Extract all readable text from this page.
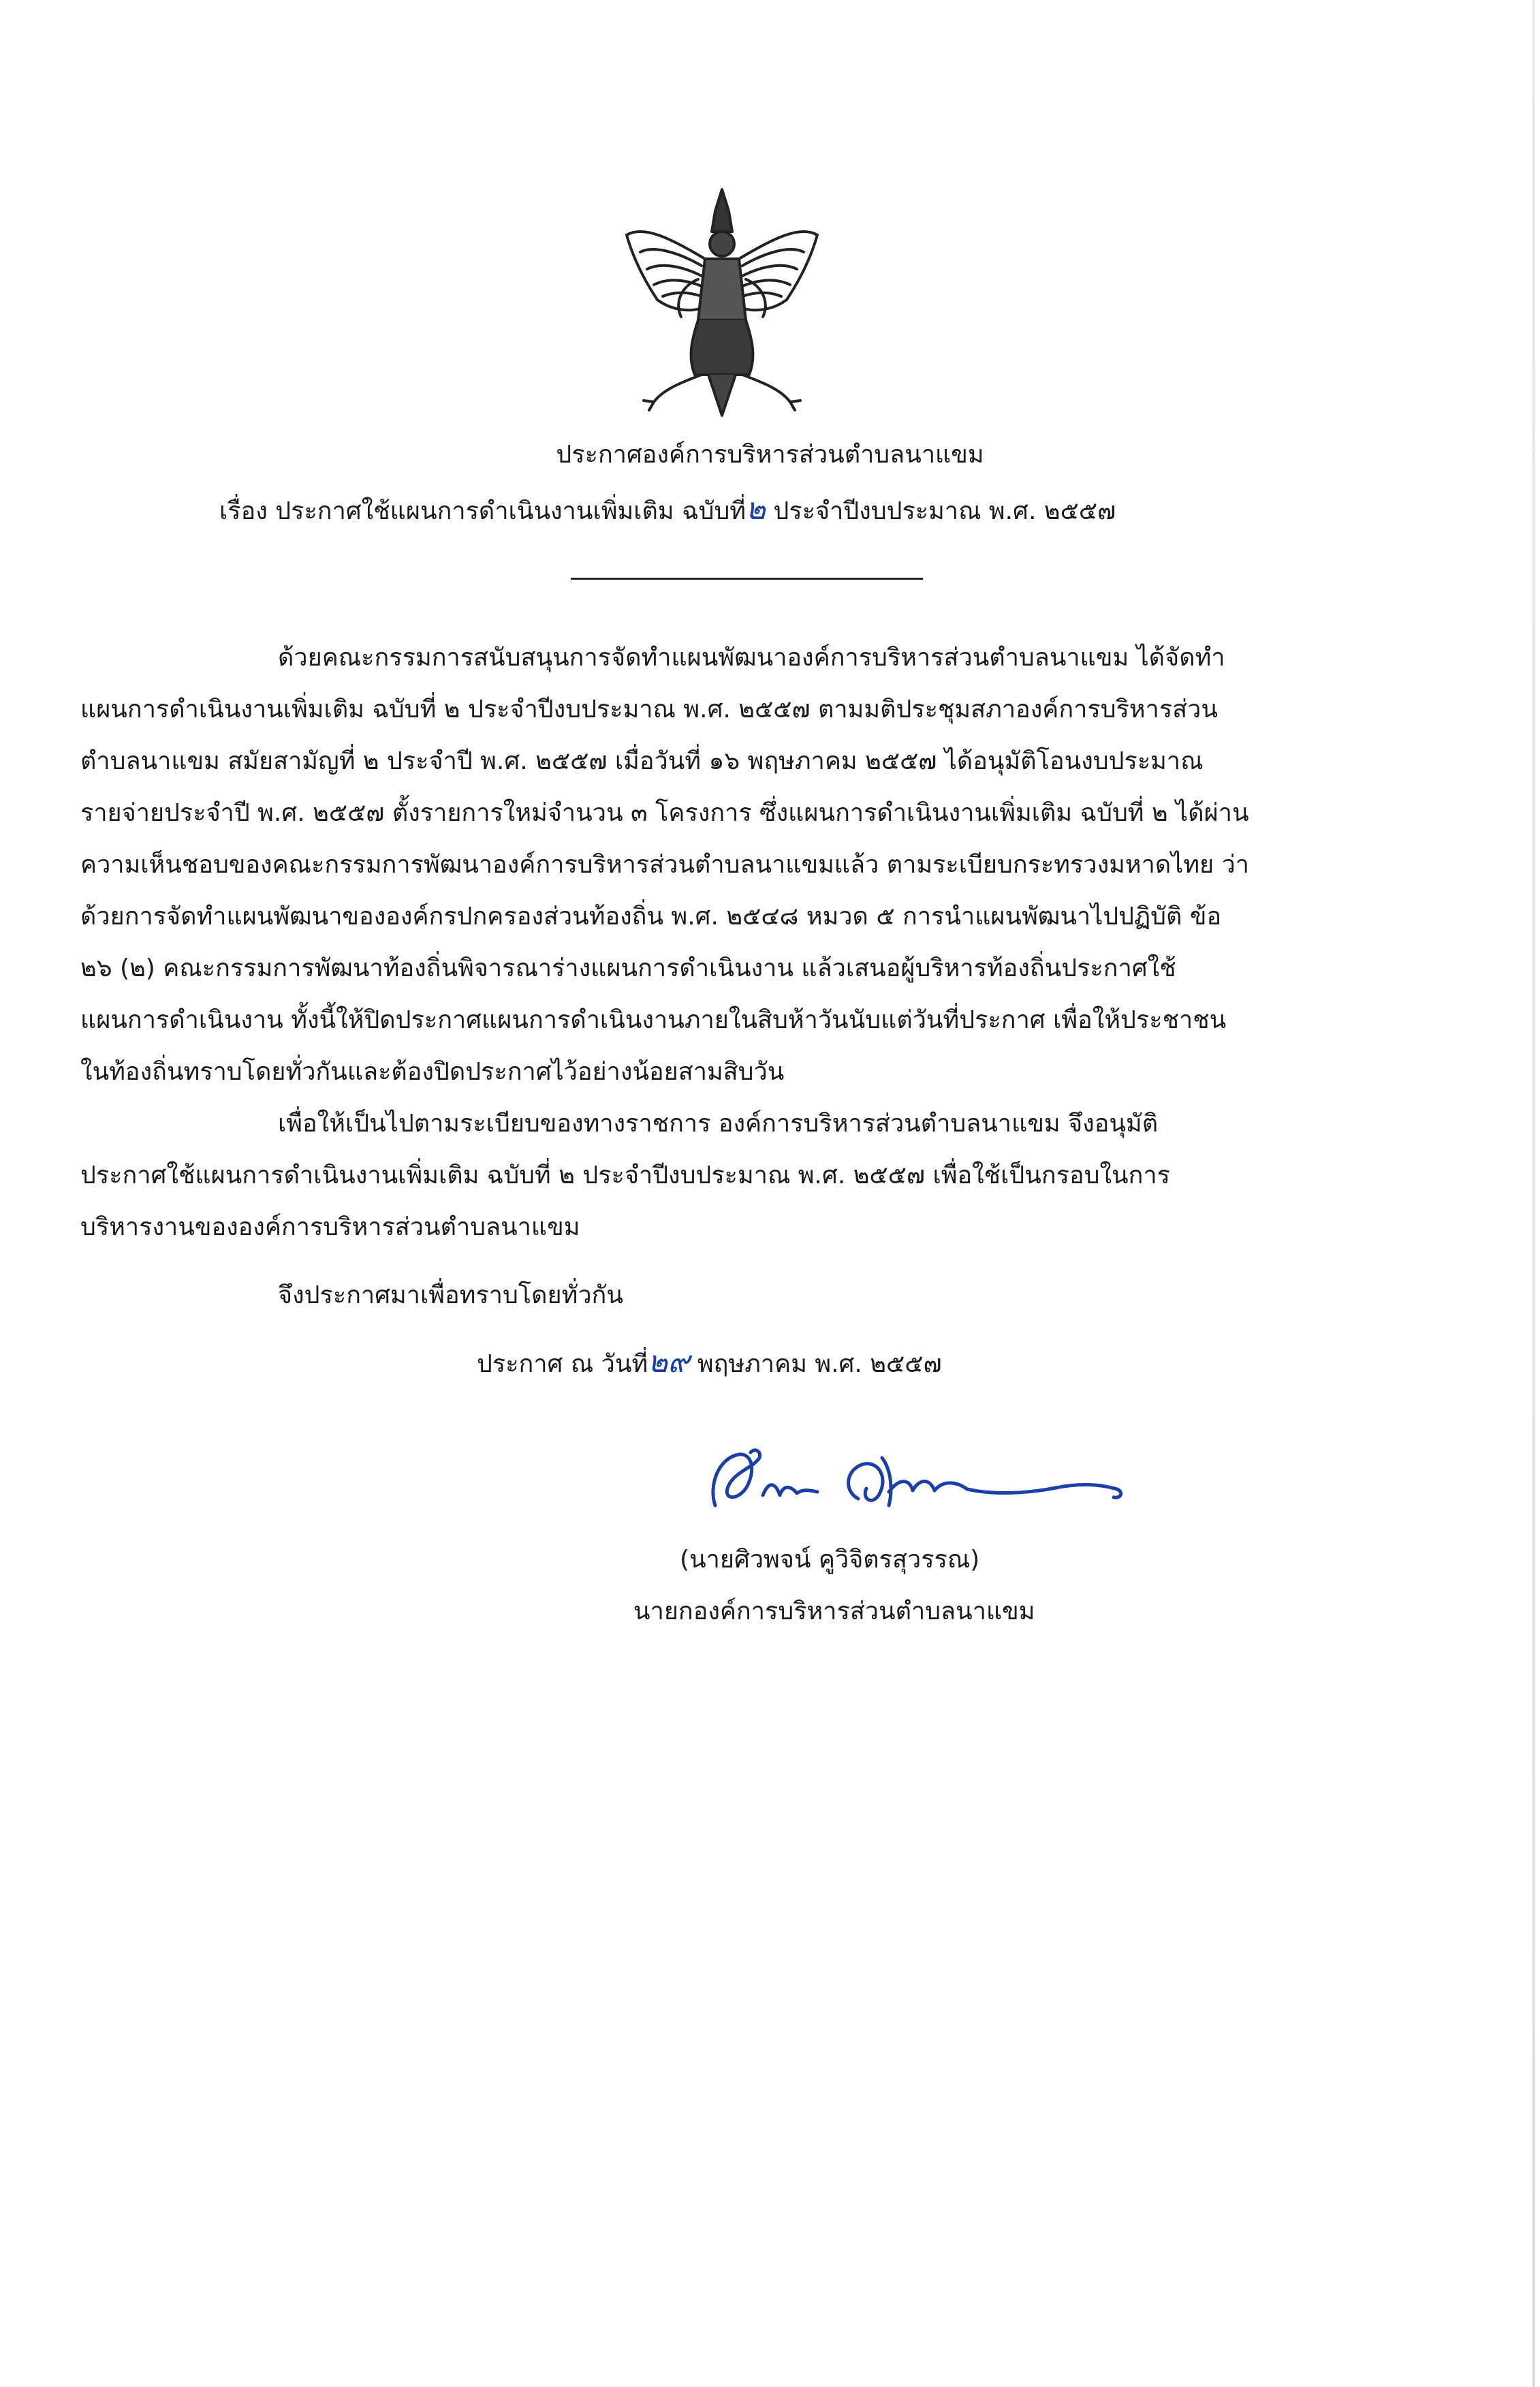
ประกาศองค์การบริหารส่วนตำบลนาแขม
เรื่อง ประกาศใช้แผนการดำเนินงานเพิ่มเติม ฉบับที่๒ ประจำปีงบประมาณ พ.ศ. ๒๕๕๗
ด้วยคณะกรรมการสนับสนุนการจัดทำแผนพัฒนาองค์การบริหารส่วนตำบลนาแขม ได้จัดทำ
แผนการดำเนินงานเพิ่มเติม ฉบับที่ ๒ ประจำปีงบประมาณ พ.ศ. ๒๕๕๗ ตามมติประชุมสภาองค์การบริหารส่วน
ตำบลนาแขม สมัยสามัญที่ ๒ ประจำปี พ.ศ. ๒๕๕๗ เมื่อวันที่ ๑๖ พฤษภาคม ๒๕๕๗ ได้อนุมัติโอนงบประมาณ
รายจ่ายประจำปี พ.ศ. ๒๕๕๗ ตั้งรายการใหม่จำนวน ๓ โครงการ ซึ่งแผนการดำเนินงานเพิ่มเติม ฉบับที่ ๒ ได้ผ่าน
ความเห็นชอบของคณะกรรมการพัฒนาองค์การบริหารส่วนตำบลนาแขมแล้ว ตามระเบียบกระทรวงมหาดไทย ว่า
ด้วยการจัดทำแผนพัฒนาขององค์กรปกครองส่วนท้องถิ่น พ.ศ. ๒๕๔๘ หมวด ๕ การนำแผนพัฒนาไปปฏิบัติ ข้อ
๒๖ (๒) คณะกรรมการพัฒนาท้องถิ่นพิจารณาร่างแผนการดำเนินงาน แล้วเสนอผู้บริหารท้องถิ่นประกาศใช้
แผนการดำเนินงาน ทั้งนี้ให้ปิดประกาศแผนการดำเนินงานภายในสิบห้าวันนับแต่วันที่ประกาศ เพื่อให้ประชาชน
ในท้องถิ่นทราบโดยทั่วกันและต้องปิดประกาศไว้อย่างน้อยสามสิบวัน
เพื่อให้เป็นไปตามระเบียบของทางราชการ องค์การบริหารส่วนตำบลนาแขม จึงอนุมัติ
ประกาศใช้แผนการดำเนินงานเพิ่มเติม ฉบับที่ ๒ ประจำปีงบประมาณ พ.ศ. ๒๕๕๗ เพื่อใช้เป็นกรอบในการ
บริหารงานขององค์การบริหารส่วนตำบลนาแขม
จึงประกาศมาเพื่อทราบโดยทั่วกัน
ประกาศ ณ วันที่๒๙ พฤษภาคม พ.ศ. ๒๕๕๗
(นายศิวพจน์ คูวิจิตรสุวรรณ)
นายกองค์การบริหารส่วนตำบลนาแขม
